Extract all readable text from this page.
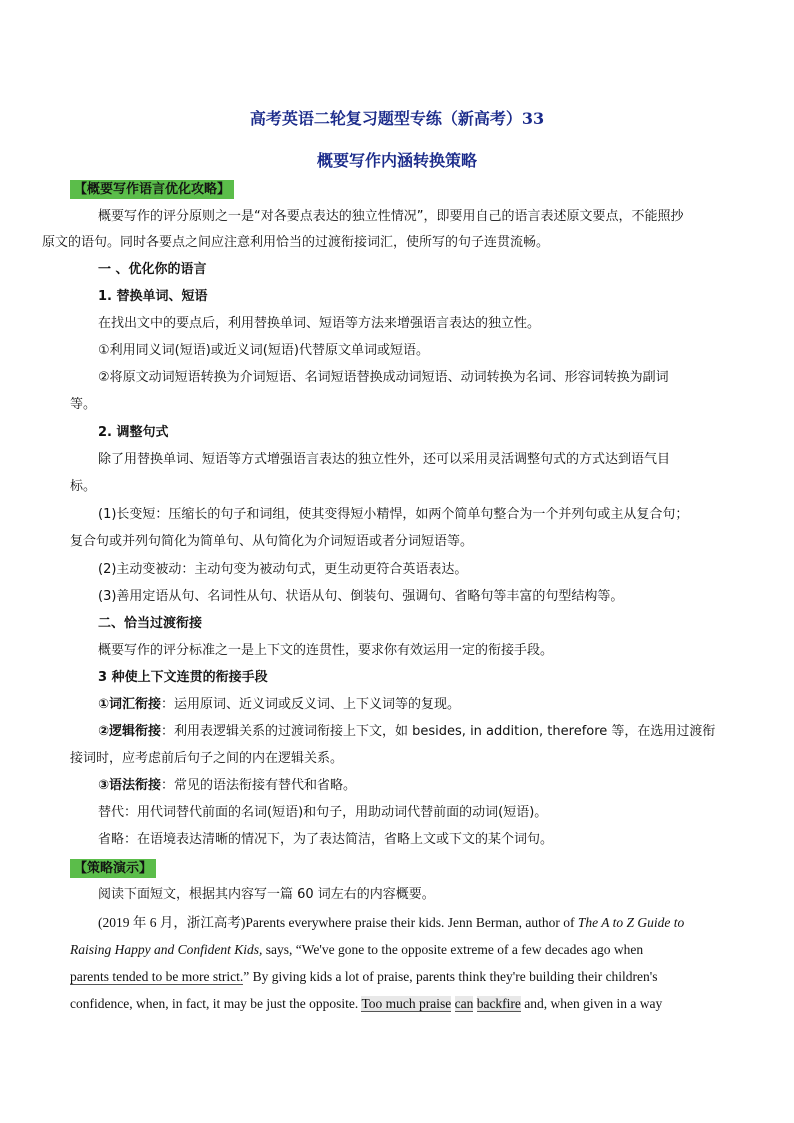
高考英语二轮复习题型专练（新高考）33
概要写作内涵转换策略
【概要写作语言优化攻略】

概要写作的评分原则之一是“对各要点表达的独立性情况”，即要用自己的语言表述原文要点，不能照抄
原文的语句。同时各要点之间应注意利用恰当的过渡衔接词汇，使所写的句子连贯流畅。

一 、优化你的语言

1. 替换单词、短语

在找出文中的要点后，利用替换单词、短语等方法来增强语言表达的独立性。

①利用同义词(短语)或近义词(短语)代替原文单词或短语。

②将原文动词短语转换为介词短语、名词短语替换成动词短语、动词转换为名词、形容词转换为副词

等。

2. 调整句式

除了用替换单词、短语等方式增强语言表达的独立性外，还可以采用灵活调整句式的方式达到语气目

标。

(1)长变短：压缩长的句子和词组，使其变得短小精悍，如两个简单句整合为一个并列句或主从复合句；

复合句或并列句简化为简单句、从句简化为介词短语或者分词短语等。

(2)主动变被动：主动句变为被动句式，更生动更符合英语表达。

(3)善用定语从句、名词性从句、状语从句、倒装句、强调句、省略句等丰富的句型结构等。

二、恰当过渡衔接

概要写作的评分标准之一是上下文的连贯性，要求你有效运用一定的衔接手段。

3 种使上下文连贯的衔接手段

①词汇衔接：运用原词、近义词或反义词、上下义词等的复现。

②逻辑衔接：利用表逻辑关系的过渡词衔接上下文，如 besides, in addition, therefore 等，在选用过渡衔

接词时，应考虑前后句子之间的内在逻辑关系。

③语法衔接：常见的语法衔接有替代和省略。

替代：用代词替代前面的名词(短语)和句子，用助动词代替前面的动词(短语)。

省略：在语境表达清晰的情况下，为了表达简洁，省略上文或下文的某个词句。

【策略演示】

阅读下面短文，根据其内容写一篇 60 词左右的内容概要。

(2019 年 6 月，浙江高考)Parents everywhere praise their kids. Jenn Berman, author of The A to Z Guide to

Raising Happy and Confident Kids, says, “We've gone to the opposite extreme of a few decades ago when

parents tended to be more strict.” By giving kids a lot of praise, parents think they're building their children's

confidence, when, in fact, it may be just the opposite. Too much praise can backfire and, when given in a way
